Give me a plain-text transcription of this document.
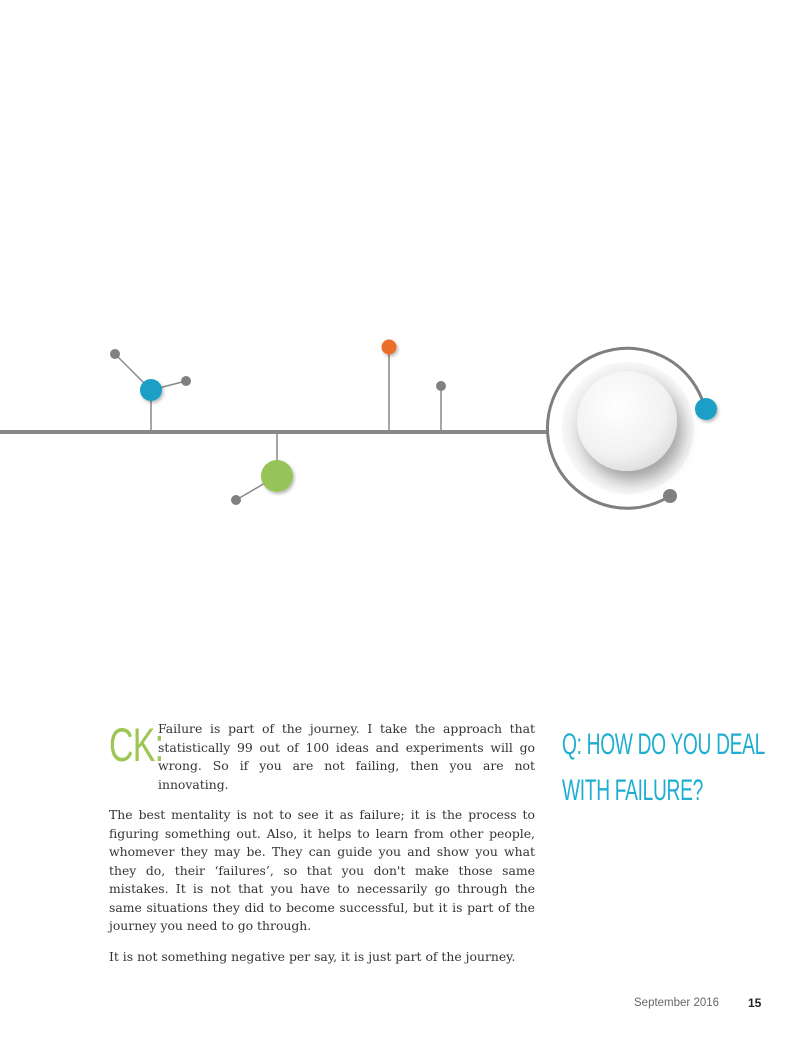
CK:

Failure is part of the journey. I take the approach that statistically 99 out of 100 ideas and experiments will go wrong. So if you are not failing, then you are not innovating.

The best mentality is not to see it as failure; it is the process to figuring something out. Also, it helps to learn from other people, whomever they may be. They can guide you and show you what they do, their ‘failures’, so that you don't make those same mistakes. It is not that you have to necessarily go through the same situations they did to become successful, but it is part of the journey you need to go through.

It is not something negative per say, it is just part of the journey.

Q: HOW DO YOU DEAL
WITH FAILURE?
September 2016 15
